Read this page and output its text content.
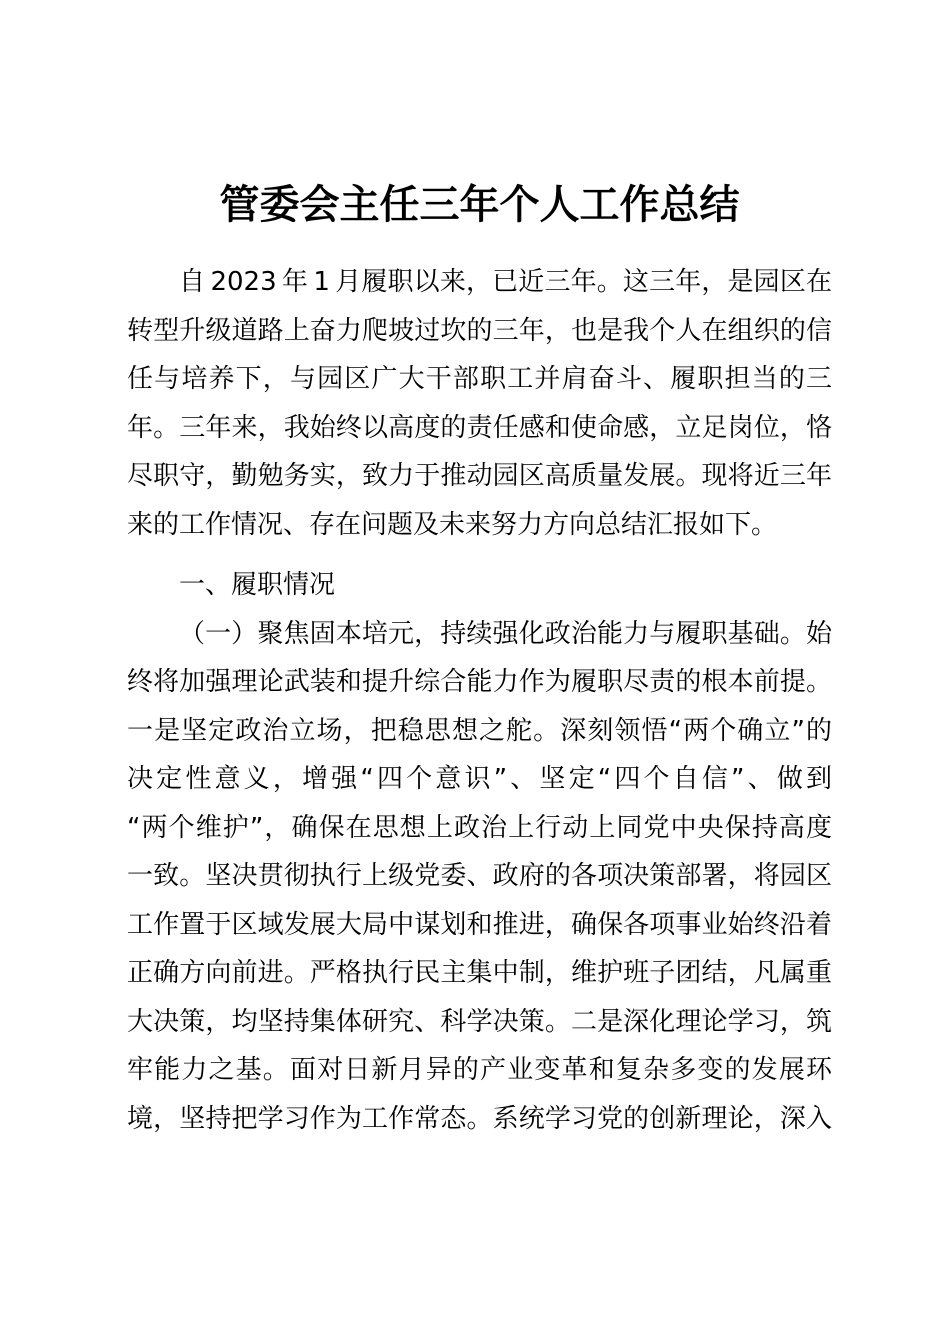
管委会主任三年个人工作总结
自 2023 年 1 月履职以来，已近三年。这三年，是园区在
转型升级道路上奋力爬坡过坎的三年，也是我个人在组织的信
任与培养下，与园区广大干部职工并肩奋斗、履职担当的三
年。三年来，我始终以高度的责任感和使命感，立足岗位，恪
尽职守，勤勉务实，致力于推动园区高质量发展。现将近三年
来的工作情况、存在问题及未来努力方向总结汇报如下。
一、履职情况
（一）聚焦固本培元，持续强化政治能力与履职基础。始
终将加强理论武装和提升综合能力作为履职尽责的根本前提。
一是坚定政治立场，把稳思想之舵。深刻领悟“两个确立”的
决定性意义，增强“四个意识”、坚定“四个自信”、做到
“两个维护”，确保在思想上政治上行动上同党中央保持高度
一致。坚决贯彻执行上级党委、政府的各项决策部署，将园区
工作置于区域发展大局中谋划和推进，确保各项事业始终沿着
正确方向前进。严格执行民主集中制，维护班子团结，凡属重
大决策，均坚持集体研究、科学决策。二是深化理论学习，筑
牢能力之基。面对日新月异的产业变革和复杂多变的发展环
境，坚持把学习作为工作常态。系统学习党的创新理论，深入
